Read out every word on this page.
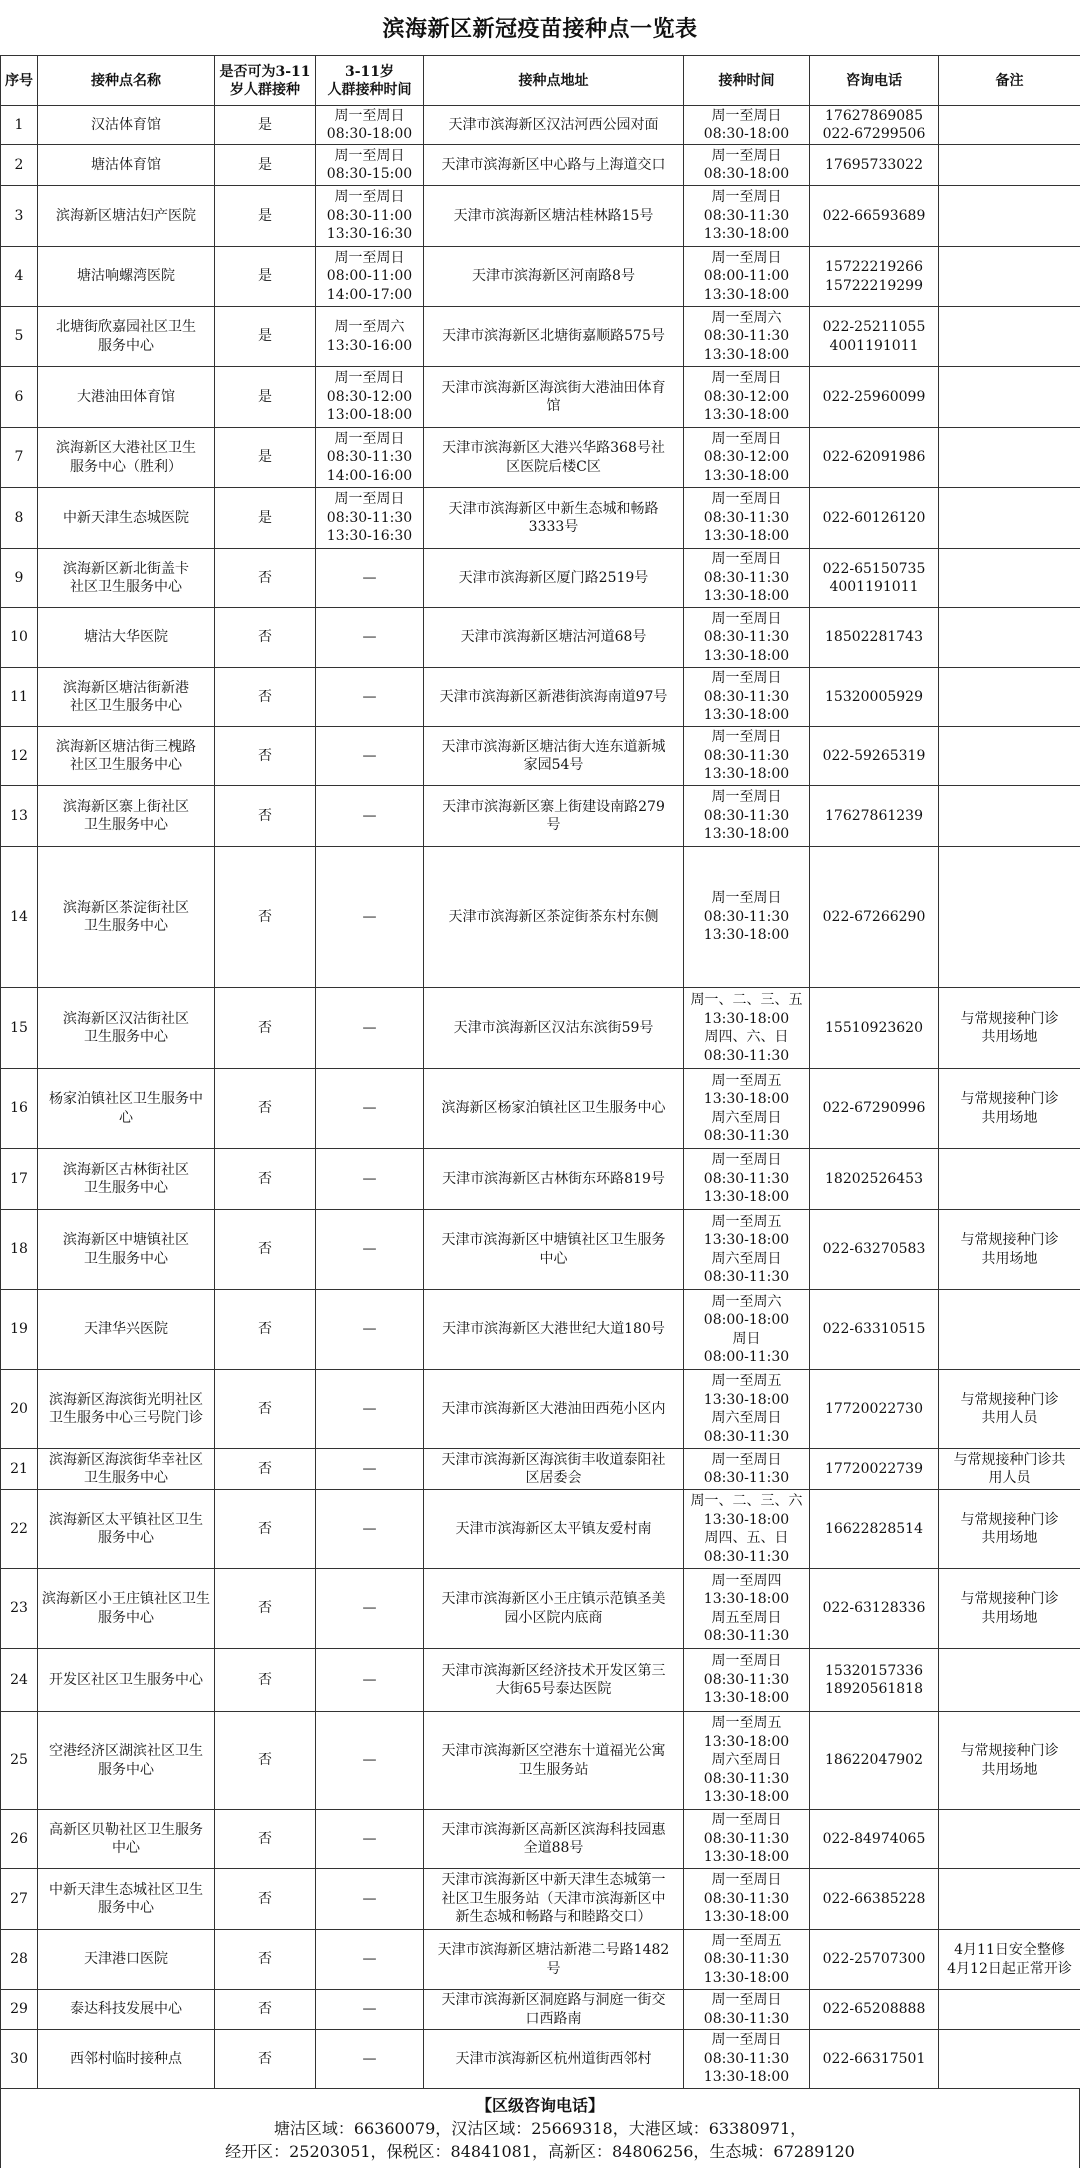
滨海新区新冠疫苗接种点一览表
序号	接种点名称	是否可为3-11
岁人群接种	3-11岁
人群接种时间	接种点地址	接种时间	咨询电话	备注
1	汉沽体育馆	是	周一至周日
08:30-18:00	天津市滨海新区汉沽河西公园对面	周一至周日
08:30-18:00	17627869085
022-67299506	
2	塘沽体育馆	是	周一至周日
08:30-15:00	天津市滨海新区中心路与上海道交口	周一至周日
08:30-18:00	17695733022	
3	滨海新区塘沽妇产医院	是	周一至周日
08:30-11:00
13:30-16:30	天津市滨海新区塘沽桂林路15号	周一至周日
08:30-11:30
13:30-18:00	022-66593689	
4	塘沽响螺湾医院	是	周一至周日
08:00-11:00
14:00-17:00	天津市滨海新区河南路8号	周一至周日
08:00-11:00
13:30-18:00	15722219266
15722219299	
5	北塘街欣嘉园社区卫生
服务中心	是	周一至周六
13:30-16:00	天津市滨海新区北塘街嘉顺路575号	周一至周六
08:30-11:30
13:30-18:00	022-25211055
4001191011	
6	大港油田体育馆	是	周一至周日
08:30-12:00
13:00-18:00	天津市滨海新区海滨街大港油田体育
馆	周一至周日
08:30-12:00
13:30-18:00	022-25960099	
7	滨海新区大港社区卫生
服务中心（胜利）	是	周一至周日
08:30-11:30
14:00-16:00	天津市滨海新区大港兴华路368号社
区医院后楼C区	周一至周日
08:30-12:00
13:30-18:00	022-62091986	
8	中新天津生态城医院	是	周一至周日
08:30-11:30
13:30-16:30	天津市滨海新区中新生态城和畅路
3333号	周一至周日
08:30-11:30
13:30-18:00	022-60126120	
9	滨海新区新北街盖卡
社区卫生服务中心	否	—	天津市滨海新区厦门路2519号	周一至周日
08:30-11:30
13:30-18:00	022-65150735
4001191011	
10	塘沽大华医院	否	—	天津市滨海新区塘沽河道68号	周一至周日
08:30-11:30
13:30-18:00	18502281743	
11	滨海新区塘沽街新港
社区卫生服务中心	否	—	天津市滨海新区新港街滨海南道97号	周一至周日
08:30-11:30
13:30-18:00	15320005929	
12	滨海新区塘沽街三槐路
社区卫生服务中心	否	—	天津市滨海新区塘沽街大连东道新城
家园54号	周一至周日
08:30-11:30
13:30-18:00	022-59265319	
13	滨海新区寨上街社区
卫生服务中心	否	—	天津市滨海新区寨上街建设南路279
号	周一至周日
08:30-11:30
13:30-18:00	17627861239	
14	滨海新区茶淀街社区
卫生服务中心	否	—	天津市滨海新区茶淀街茶东村东侧	周一至周日
08:30-11:30
13:30-18:00	022-67266290	
15	滨海新区汉沽街社区
卫生服务中心	否	—	天津市滨海新区汉沽东滨街59号	周一、二、三、五
13:30-18:00
周四、六、日
08:30-11:30	15510923620	与常规接种门诊
共用场地
16	杨家泊镇社区卫生服务中
心	否	—	滨海新区杨家泊镇社区卫生服务中心	周一至周五
13:30-18:00
周六至周日
08:30-11:30	022-67290996	与常规接种门诊
共用场地
17	滨海新区古林街社区
卫生服务中心	否	—	天津市滨海新区古林街东环路819号	周一至周日
08:30-11:30
13:30-18:00	18202526453	
18	滨海新区中塘镇社区
卫生服务中心	否	—	天津市滨海新区中塘镇社区卫生服务
中心	周一至周五
13:30-18:00
周六至周日
08:30-11:30	022-63270583	与常规接种门诊
共用场地
19	天津华兴医院	否	—	天津市滨海新区大港世纪大道180号	周一至周六
08:00-18:00
周日
08:00-11:30	022-63310515	
20	滨海新区海滨街光明社区
卫生服务中心三号院门诊	否	—	天津市滨海新区大港油田西苑小区内	周一至周五
13:30-18:00
周六至周日
08:30-11:30	17720022730	与常规接种门诊
共用人员
21	滨海新区海滨街华幸社区
卫生服务中心	否	—	天津市滨海新区海滨街丰收道泰阳社
区居委会	周一至周日
08:30-11:30	17720022739	与常规接种门诊共
用人员
22	滨海新区太平镇社区卫生
服务中心	否	—	天津市滨海新区太平镇友爱村南	周一、二、三、六
13:30-18:00
周四、五、日
08:30-11:30	16622828514	与常规接种门诊
共用场地
23	滨海新区小王庄镇社区卫生
服务中心	否	—	天津市滨海新区小王庄镇示范镇圣美
园小区院内底商	周一至周四
13:30-18:00
周五至周日
08:30-11:30	022-63128336	与常规接种门诊
共用场地
24	开发区社区卫生服务中心	否	—	天津市滨海新区经济技术开发区第三
大街65号泰达医院	周一至周日
08:30-11:30
13:30-18:00	15320157336
18920561818	
25	空港经济区湖滨社区卫生
服务中心	否	—	天津市滨海新区空港东十道福光公寓
卫生服务站	周一至周五
13:30-18:00
周六至周日
08:30-11:30
13:30-18:00	18622047902	与常规接种门诊
共用场地
26	高新区贝勒社区卫生服务
中心	否	—	天津市滨海新区高新区滨海科技园惠
全道88号	周一至周日
08:30-11:30
13:30-18:00	022-84974065	
27	中新天津生态城社区卫生
服务中心	否	—	天津市滨海新区中新天津生态城第一
社区卫生服务站（天津市滨海新区中
新生态城和畅路与和睦路交口）	周一至周日
08:30-11:30
13:30-18:00	022-66385228	
28	天津港口医院	否	—	天津市滨海新区塘沽新港二号路1482
号	周一至周五
08:30-11:30
13:30-18:00	022-25707300	4月11日安全整修
4月12日起正常开诊
29	泰达科技发展中心	否	—	天津市滨海新区洞庭路与洞庭一街交
口西路南	周一至周日
08:30-11:30	022-65208888	
30	西邻村临时接种点	否	—	天津市滨海新区杭州道街西邻村	周一至周日
08:30-11:30
13:30-18:00	022-66317501	
【区级咨询电话】
塘沽区域：66360079，汉沽区域：25669318，大港区域：63380971，
经开区：25203051，保税区：84841081，高新区：84806256，生态城：67289120
